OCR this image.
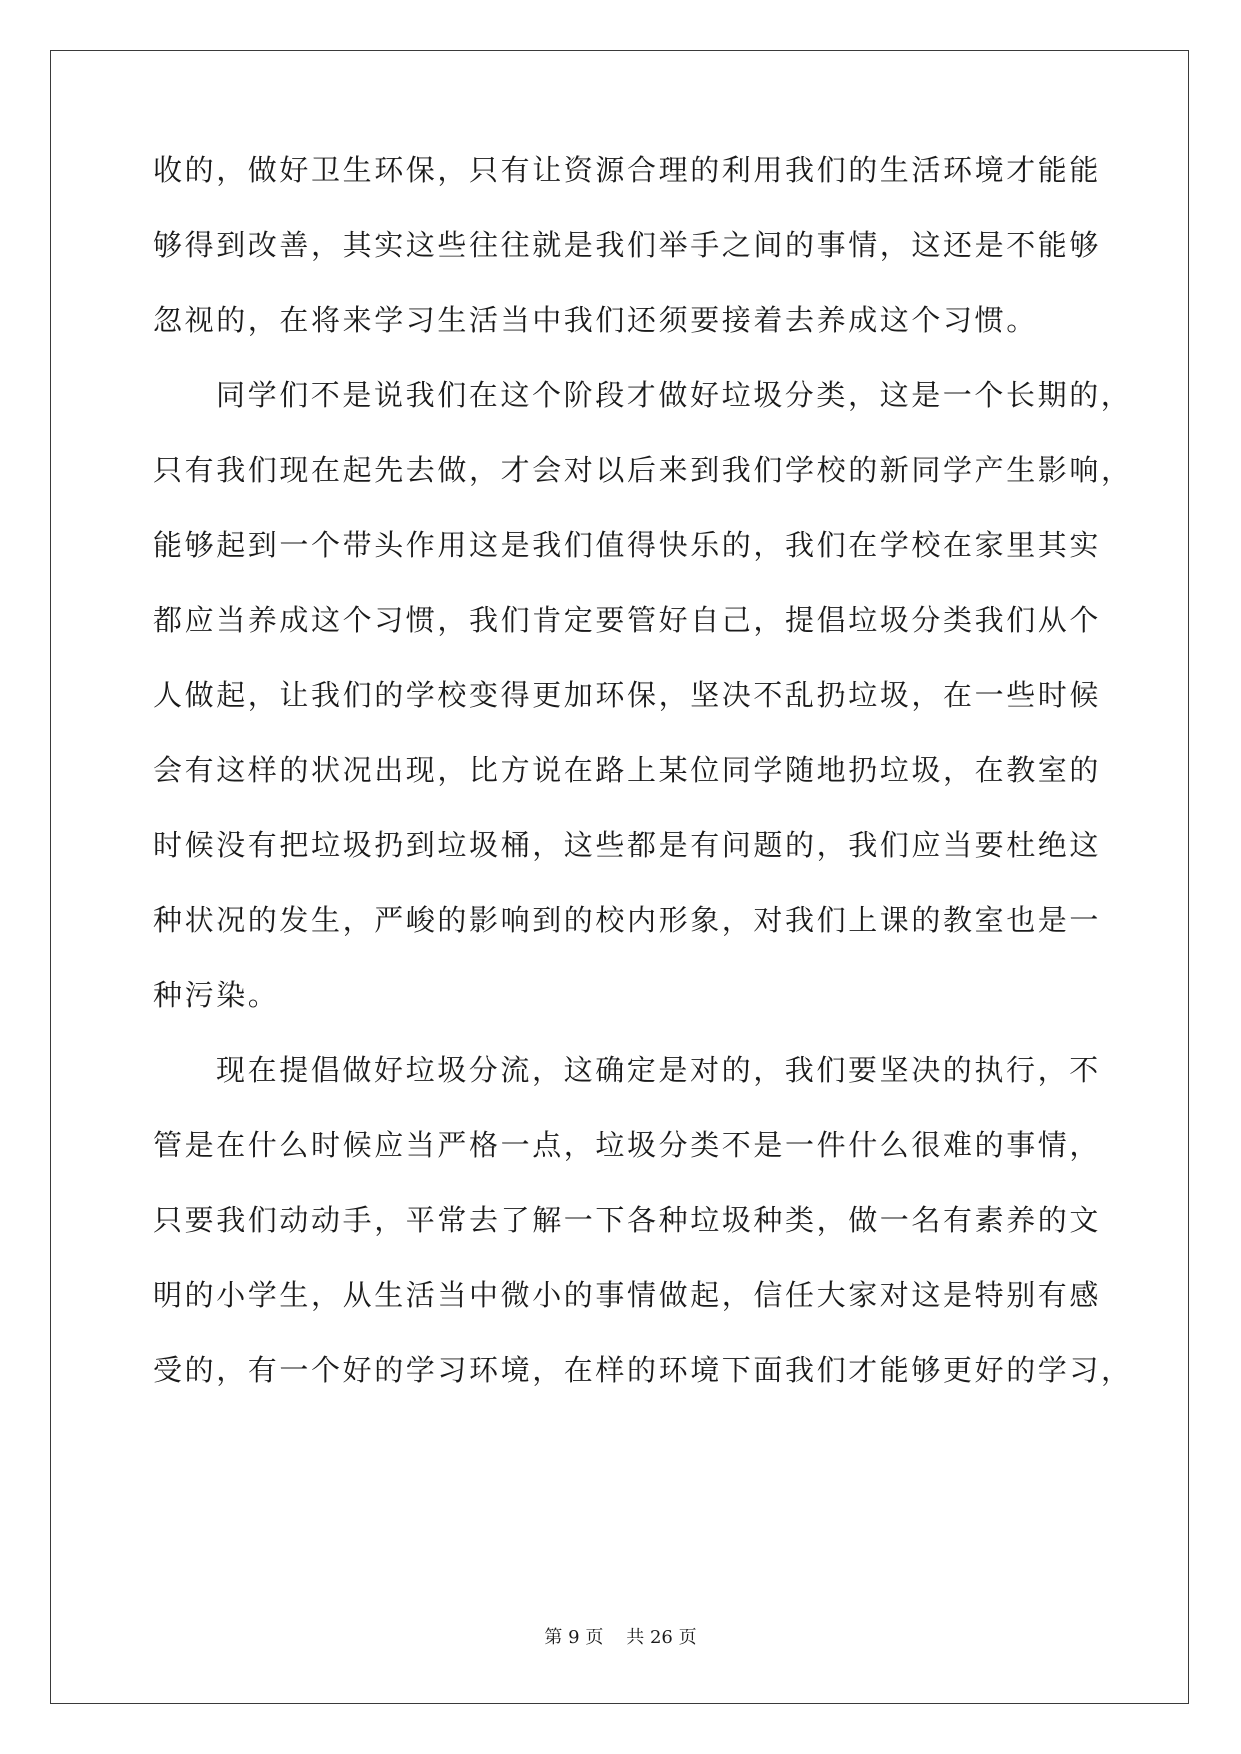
收的，做好卫生环保，只有让资源合理的利用我们的生活环境才能能
够得到改善，其实这些往往就是我们举手之间的事情，这还是不能够
忽视的，在将来学习生活当中我们还须要接着去养成这个习惯。
同学们不是说我们在这个阶段才做好垃圾分类，这是一个长期的，
只有我们现在起先去做，才会对以后来到我们学校的新同学产生影响，
能够起到一个带头作用这是我们值得快乐的，我们在学校在家里其实
都应当养成这个习惯，我们肯定要管好自己，提倡垃圾分类我们从个
人做起，让我们的学校变得更加环保，坚决不乱扔垃圾，在一些时候
会有这样的状况出现，比方说在路上某位同学随地扔垃圾，在教室的
时候没有把垃圾扔到垃圾桶，这些都是有问题的，我们应当要杜绝这
种状况的发生，严峻的影响到的校内形象，对我们上课的教室也是一
种污染。
现在提倡做好垃圾分流，这确定是对的，我们要坚决的执行，不
管是在什么时候应当严格一点，垃圾分类不是一件什么很难的事情，
只要我们动动手，平常去了解一下各种垃圾种类，做一名有素养的文
明的小学生，从生活当中微小的事情做起，信任大家对这是特别有感
受的，有一个好的学习环境，在样的环境下面我们才能够更好的学习，
第 9 页 共 26 页
